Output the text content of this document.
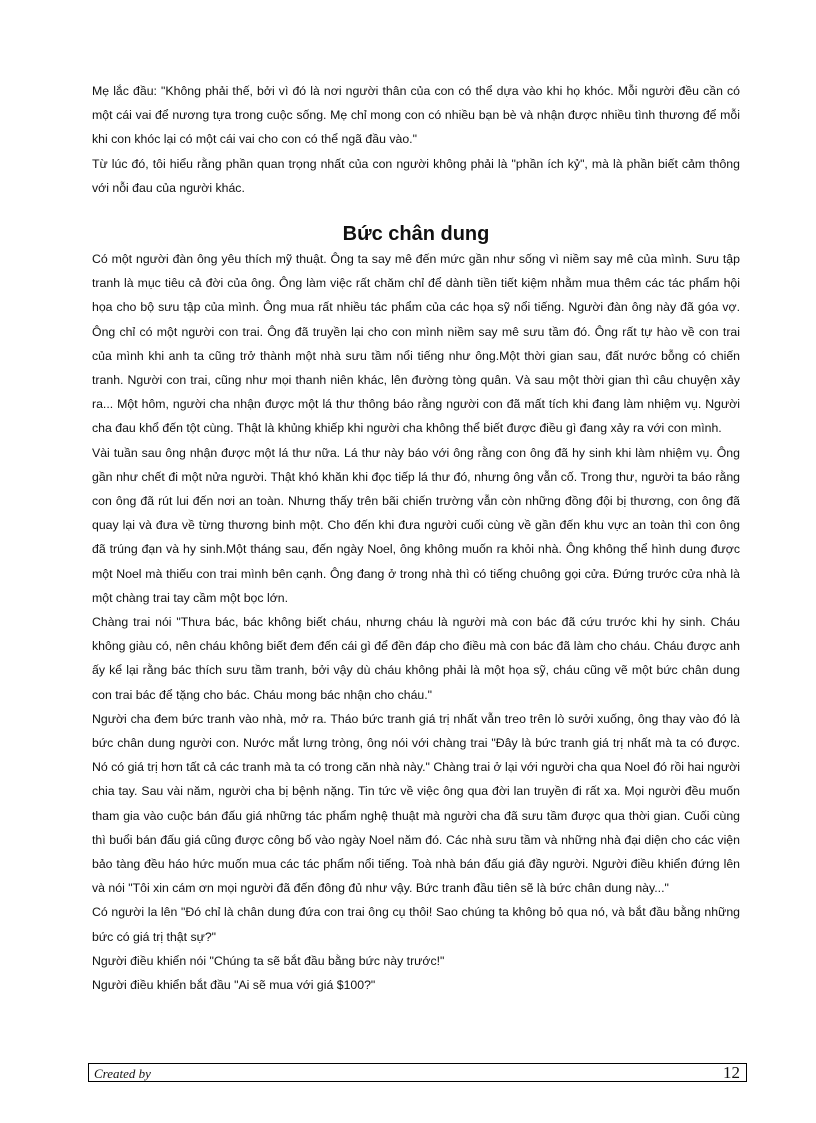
Mẹ lắc đầu: "Không phải thế, bởi vì đó là nơi người thân của con có thể dựa vào khi họ khóc. Mỗi người đều cần có một cái vai để nương tựa trong cuộc sống. Mẹ chỉ mong con có nhiều bạn bè và nhận được nhiều tình thương để mỗi khi con khóc lại có một cái vai cho con có thể ngã đầu vào."

Từ lúc đó, tôi hiểu rằng phần quan trọng nhất của con người không phải là "phần ích kỷ", mà là phần biết cảm thông với nỗi đau của người khác.

Bức chân dung

Có một người đàn ông yêu thích mỹ thuật. Ông ta say mê đến mức gần như sống vì niềm say mê của mình. Sưu tập tranh là mục tiêu cả đời của ông. Ông làm việc rất chăm chỉ để dành tiền tiết kiệm nhằm mua thêm các tác phẩm hội họa cho bộ sưu tập của mình. Ông mua rất nhiều tác phẩm của các họa sỹ nổi tiếng. Người đàn ông này đã góa vợ. Ông chỉ có một người con trai. Ông đã truyền lại cho con mình niềm say mê sưu tầm đó. Ông rất tự hào về con trai của mình khi anh ta cũng trở thành một nhà sưu tầm nổi tiếng như ông.Một thời gian sau, đất nước bỗng có chiến tranh. Người con trai, cũng như mọi thanh niên khác, lên đường tòng quân. Và sau một thời gian thì câu chuyện xảy ra... Một hôm, người cha nhận được một lá thư thông báo rằng người con đã mất tích khi đang làm nhiệm vụ. Người cha đau khổ đến tột cùng. Thật là khủng khiếp khi người cha không thể biết được điều gì đang xảy ra với con mình.

Vài tuần sau ông nhận được một lá thư nữa. Lá thư này báo với ông rằng con ông đã hy sinh khi làm nhiệm vụ. Ông gần như chết đi một nửa người. Thật khó khăn khi đọc tiếp lá thư đó, nhưng ông vẫn cố. Trong thư, người ta báo rằng con ông đã rút lui đến nơi an toàn. Nhưng thấy trên bãi chiến trường vẫn còn những đồng đội bị thương, con ông đã quay lại và đưa về từng thương binh một. Cho đến khi đưa người cuối cùng về gần đến khu vực an toàn thì con ông đã trúng đạn và hy sinh.Một tháng sau, đến ngày Noel, ông không muốn ra khỏi nhà. Ông không thể hình dung được một Noel mà thiếu con trai mình bên cạnh. Ông đang ở trong nhà thì có tiếng chuông gọi cửa. Đứng trước cửa nhà là một chàng trai tay cầm một bọc lớn.

Chàng trai nói "Thưa bác, bác không biết cháu, nhưng cháu là người mà con bác đã cứu trước khi hy sinh. Cháu không giàu có, nên cháu không biết đem đến cái gì để đền đáp cho điều mà con bác đã làm cho cháu. Cháu được anh ấy kể lại rằng bác thích sưu tầm tranh, bởi vậy dù cháu không phải là một họa sỹ, cháu cũng vẽ một bức chân dung con trai bác để tặng cho bác. Cháu mong bác nhận cho cháu."

Người cha đem bức tranh vào nhà, mở ra. Tháo bức tranh giá trị nhất vẫn treo trên lò sưởi xuống, ông thay vào đó là bức chân dung người con. Nước mắt lưng tròng, ông nói với chàng trai "Đây là bức tranh giá trị nhất mà ta có được. Nó có giá trị hơn tất cả các tranh mà ta có trong căn nhà này." Chàng trai ở lại với người cha qua Noel đó rồi hai người chia tay. Sau vài năm, người cha bị bệnh nặng. Tin tức về việc ông qua đời lan truyền đi rất xa. Mọi người đều muốn tham gia vào cuộc bán đấu giá những tác phẩm nghệ thuật mà người cha đã sưu tầm được qua thời gian. Cuối cùng thì buổi bán đấu giá cũng được công bố vào ngày Noel năm đó. Các nhà sưu tầm và những nhà đại diện cho các viện bảo tàng đều háo hức muốn mua các tác phẩm nổi tiếng. Toà nhà bán đấu giá đầy người. Người điều khiển đứng lên và nói "Tôi xin cám ơn mọi người đã đến đông đủ như vậy. Bức tranh đầu tiên sẽ là bức chân dung này..."

Có người la lên "Đó chỉ là chân dung đứa con trai ông cụ thôi! Sao chúng ta không bỏ qua nó, và bắt đầu bằng những bức có giá trị thật sự?"

Người điều khiển nói "Chúng ta sẽ bắt đầu bằng bức này trước!"

Người điều khiển bắt đầu "Ai sẽ mua với giá $100?"

Created by	12
